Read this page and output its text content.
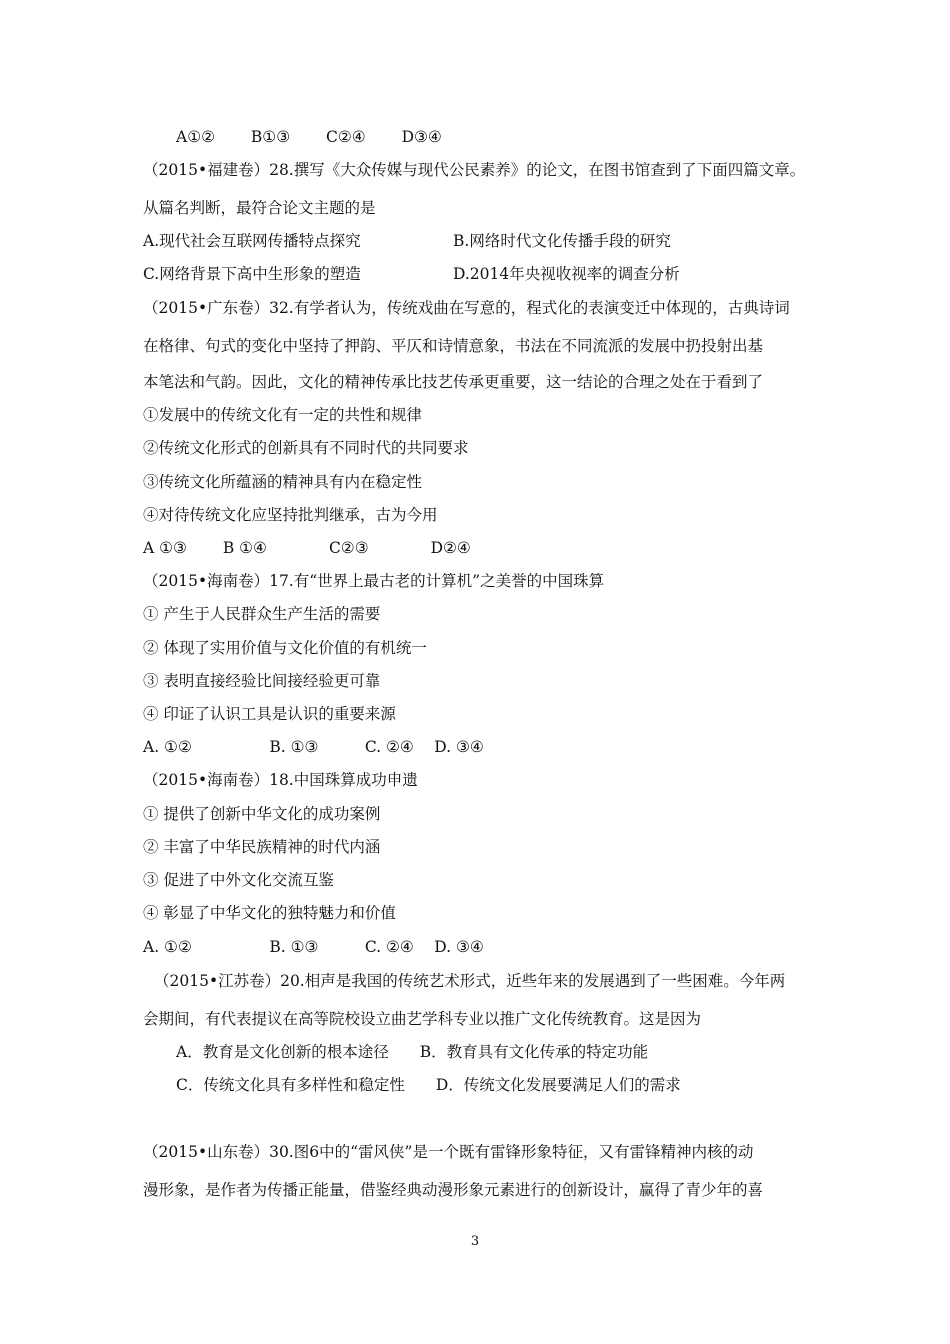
A①②　　 B①③　　 C②④　　 D③④
（2015•福建卷）28.撰写《大众传媒与现代公民素养》的论文，在图书馆查到了下面四篇文章。
从篇名判断，最符合论文主题的是
A.现代社会互联网传播特点探究	B.网络时代文化传播手段的研究
C.网络背景下高中生形象的塑造	D.2014年央视收视率的调查分析
（2015•广东卷）32.有学者认为，传统戏曲在写意的，程式化的表演变迁中体现的，古典诗词
在格律、句式的变化中坚持了押韵、平仄和诗情意象，书法在不同流派的发展中扔投射出基
本笔法和气韵。因此，文化的精神传承比技艺传承更重要，这一结论的合理之处在于看到了
①发展中的传统文化有一定的共性和规律
②传统文化形式的创新具有不同时代的共同要求
③传统文化所蕴涵的精神具有内在稳定性
④对待传统文化应坚持批判继承，古为今用
A ①③　　 B ①④　　　　C②③　　　　D②④
（2015•海南卷）17.有“世界上最古老的计算机”之美誉的中国珠算
① 产生于人民群众生产生活的需要
② 体现了实用价值与文化价值的有机统一
③ 表明直接经验比间接经验更可靠
④ 印证了认识工具是认识的重要来源
A. ①②　　　　　B. ①③　　　C. ②④　 D. ③④
（2015•海南卷）18.中国珠算成功申遗
① 提供了创新中华文化的成功案例
② 丰富了中华民族精神的时代内涵
③ 促进了中外文化交流互鉴
④ 彰显了中华文化的独特魅力和价值
A. ①②　　　　　B. ①③　　　C. ②④　 D. ③④
（2015•江苏卷）20.相声是我国的传统艺术形式，近些年来的发展遇到了一些困难。今年两
会期间，有代表提议在高等院校设立曲艺学科专业以推广文化传统教育。这是因为
A．教育是文化创新的根本途径　　B．教育具有文化传承的特定功能
C．传统文化具有多样性和稳定性　　D．传统文化发展要满足人们的需求
（2015•山东卷）30.图6中的“雷风侠”是一个既有雷锋形象特征，又有雷锋精神内核的动
漫形象，是作者为传播正能量，借鉴经典动漫形象元素进行的创新设计，赢得了青少年的喜
3
